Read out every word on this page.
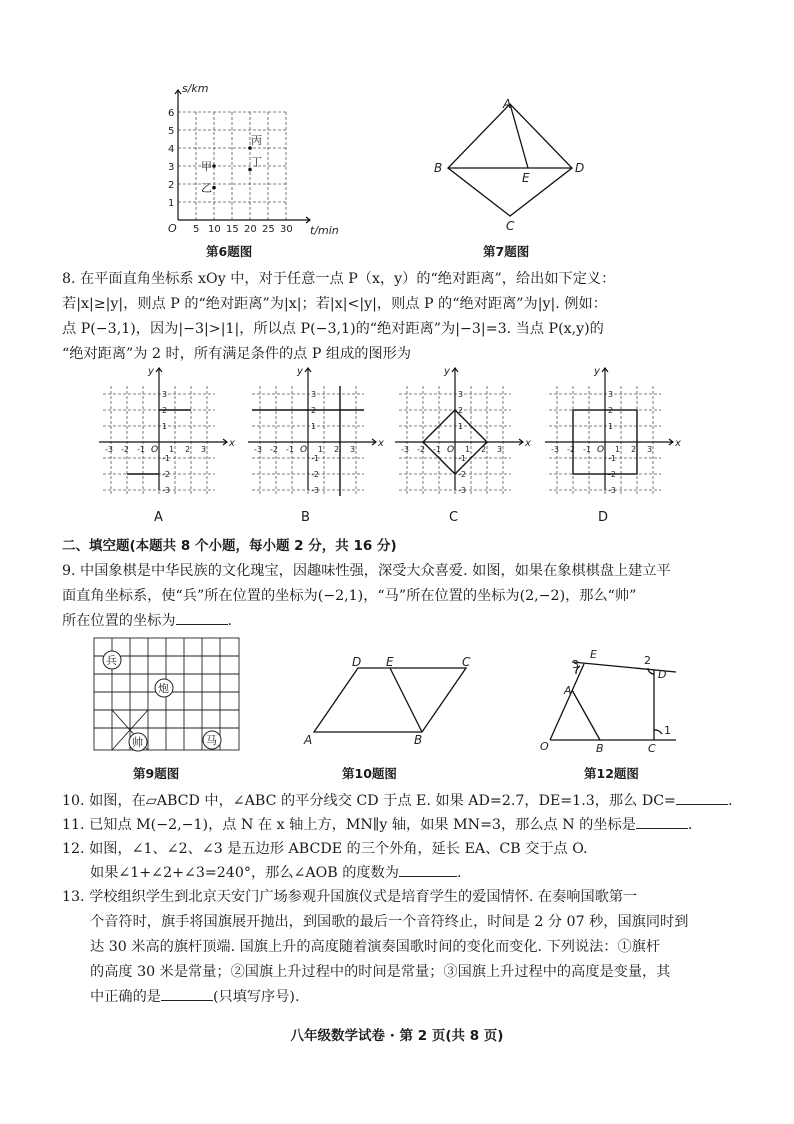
s/km
t/min
O
1
2
3
4
5
6
5 10 15 20 25 30
甲
乙
丙
丁
第6题图
A
B	D
E
C
第7题图
8. 在平面直角坐标系 xOy 中，对于任意一点 P（x，y）的“绝对距离”，给出如下定义：
若|x|≥|y|，则点 P 的“绝对距离”为|x|；若|x|<|y|，则点 P 的“绝对距离”为|y|. 例如：
点 P(−3,1)，因为|−3|>|1|，所以点 P(−3,1)的“绝对距离”为|−3|=3. 当点 P(x,y)的
“绝对距离”为 2 时，所有满足条件的点 P 组成的图形为
x
y
O
-3
-3
-2
-2
-1
-1
1
1
2
2
3
3
x
y
O
-3
-3
-2
-2
-1
-1
1
1
2
2
3
3
x
y
O
-3
-3
-2
-2
-1
-1
1
1
2
2
3
3
x
y
O
-3
-3
-2
-2
-1
-1
1
1
2
2
3
3
A	B	C	D
二、填空题(本题共 8 个小题，每小题 2 分，共 16 分)
9. 中国象棋是中华民族的文化瑰宝，因趣味性强，深受大众喜爱. 如图，如果在象棋棋盘上建立平
面直角坐标系，使“兵”所在位置的坐标为(−2,1)，“马”所在位置的坐标为(2,−2)，那么“帅”
所在位置的坐标为	.
兵
炮
帅	马
第9题图
D E	C
A	B
第10题图
E
D
A
O	B	C
1
2
3
第12题图
10. 如图，在▱ABCD 中，∠ABC 的平分线交 CD 于点 E. 如果 AD=2.7，DE=1.3，那么 DC=	.
11. 已知点 M(−2,−1)，点 N 在 x 轴上方，MN∥y 轴，如果 MN=3，那么点 N 的坐标是	.
12. 如图，∠1、∠2、∠3 是五边形 ABCDE 的三个外角，延长 EA、CB 交于点 O.
如果∠1+∠2+∠3=240°，那么∠AOB 的度数为	.
13. 学校组织学生到北京天安门广场参观升国旗仪式是培育学生的爱国情怀. 在奏响国歌第一
个音符时，旗手将国旗展开抛出，到国歌的最后一个音符终止，时间是 2 分 07 秒，国旗同时到
达 30 米高的旗杆顶端. 国旗上升的高度随着演奏国歌时间的变化而变化. 下列说法：①旗杆
的高度 30 米是常量；②国旗上升过程中的时间是常量；③国旗上升过程中的高度是变量，其
中正确的是	(只填写序号).
八年级数学试卷 · 第 2 页(共 8 页)
